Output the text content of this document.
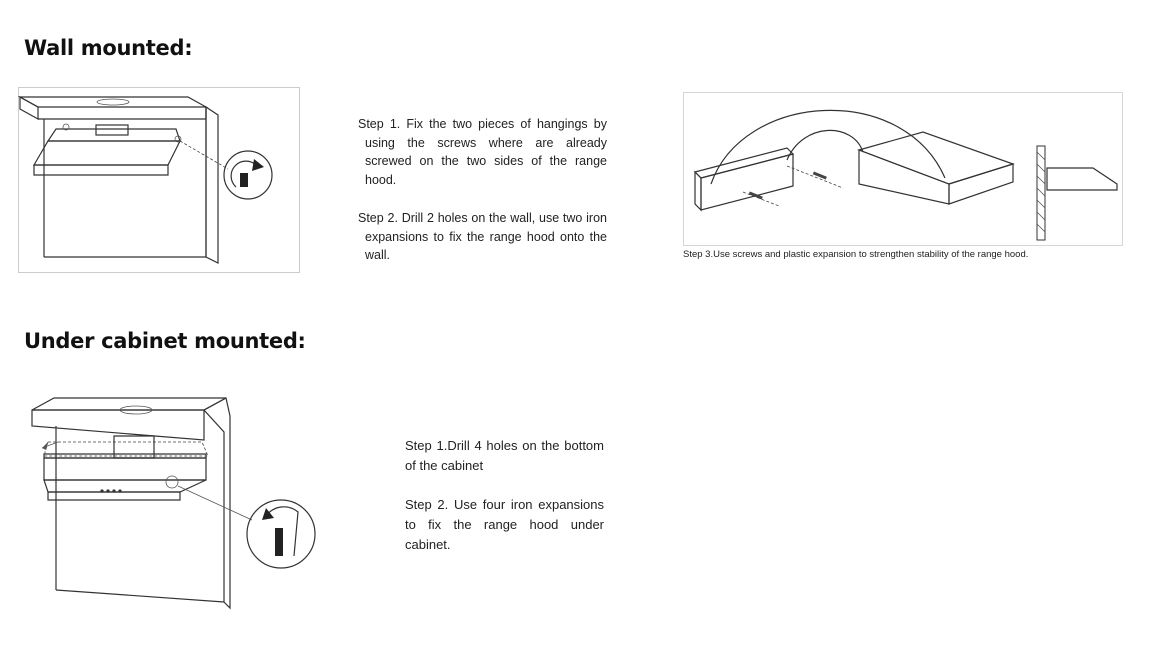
Wall mounted:

Step 1. Fix the two pieces of hangings by using the screws where are already screwed on the two sides of the range hood.

Step 2. Drill 2 holes on the wall, use two iron expansions to fix the range hood onto the wall.	Step 3.Use screws and plastic expansion to strengthen stability of the range hood.

Under cabinet mounted:

Step 1.Drill 4 holes on the bottom of the cabinet

Step 2. Use four iron expansions to fix the range hood under cabinet.
